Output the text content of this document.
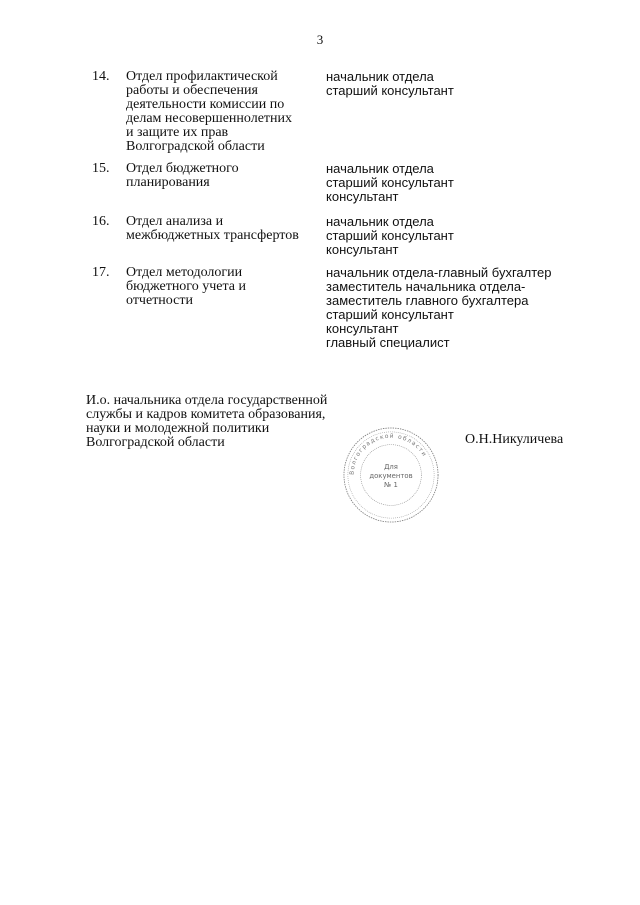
3
14. Отдел профилактической
работы и обеспечения
деятельности комиссии по
делам несовершеннолетних
и защите их прав
Волгоградской области
начальник отдела
старший консультант
15. Отдел бюджетного
планирования
начальник отдела
старший консультант
консультант
16. Отдел анализа и
межбюджетных трансфертов
начальник отдела
старший консультант
консультант
17. Отдел методологии
бюджетного учета и
отчетности
начальник отдела-главный бухгалтер
заместитель начальника отдела-
заместитель главного бухгалтера
старший консультант
консультант
главный специалист
И.о. начальника отдела государственной
службы и кадров комитета образования,
науки и молодежной политики
Волгоградской области	О.Н.Никуличева
Волгоградской области
Для
документов
№ 1
